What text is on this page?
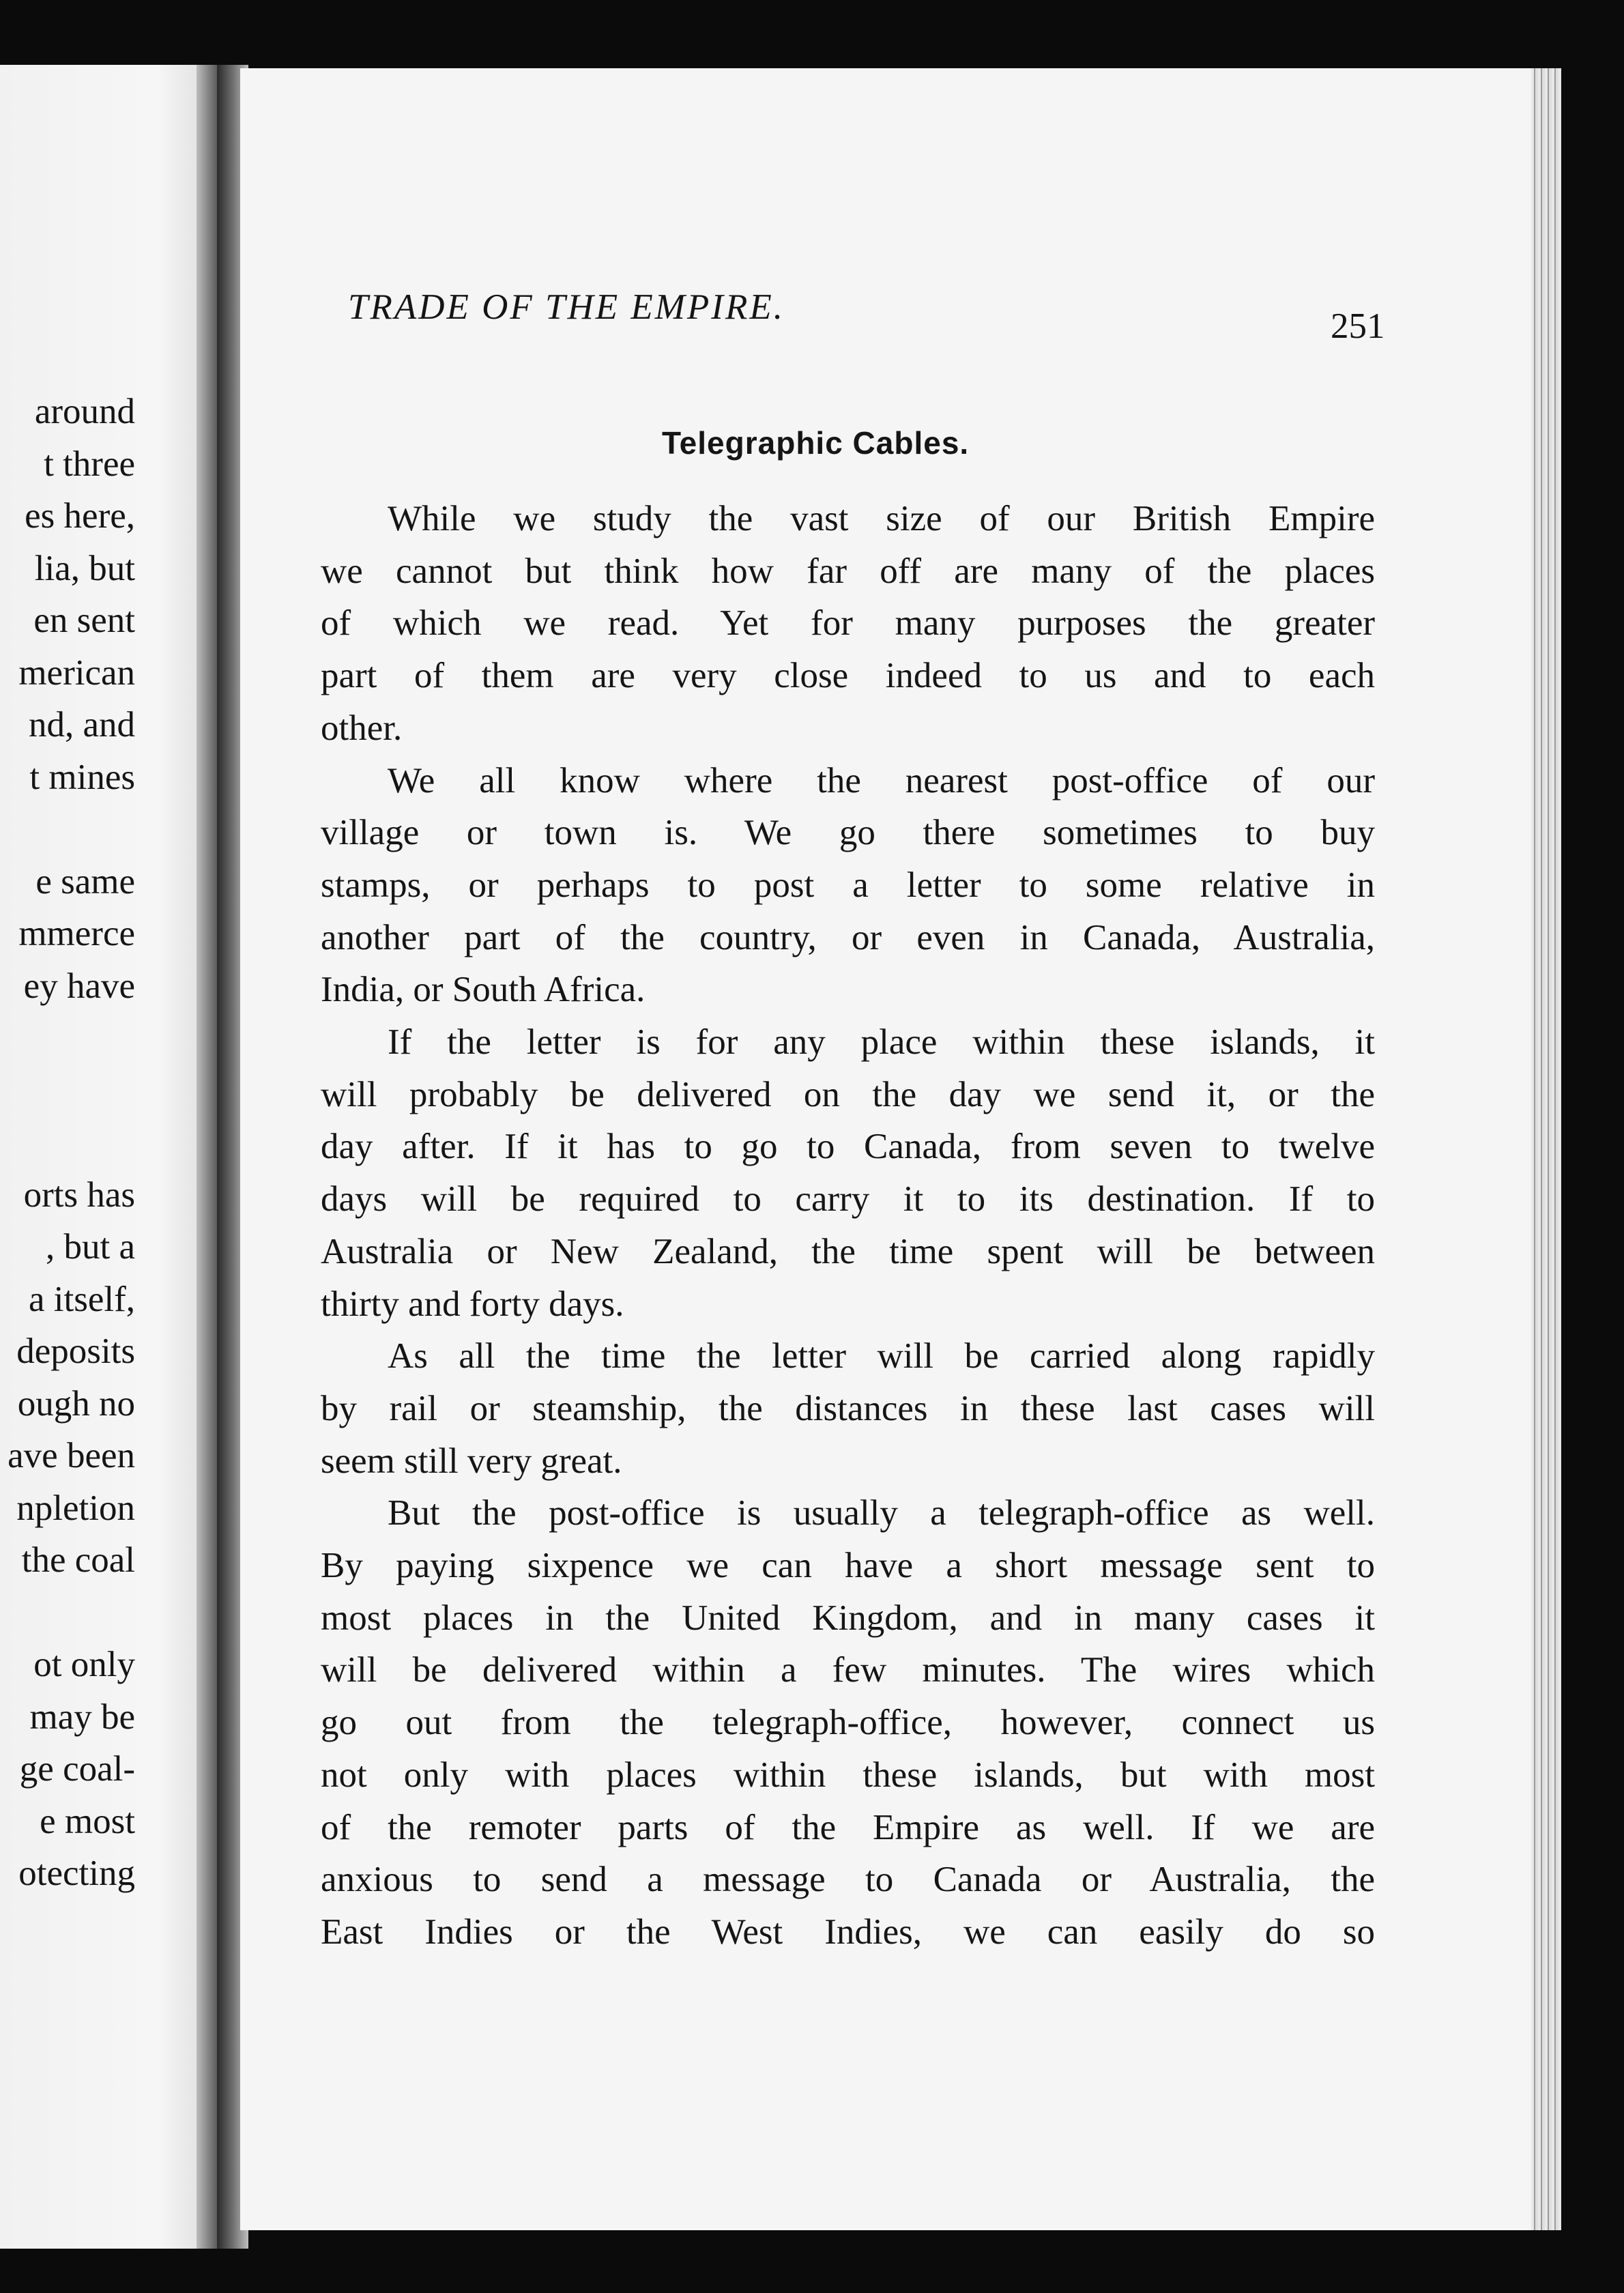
around
t three
es here,
lia, but
en sent
merican
nd, and
t mines
e same
mmerce
ey have
orts has
, but a
a itself,
deposits
ough no
ave been
npletion
the coal
ot only
may be
ge coal-
e most
otecting
TRADE OF THE EMPIRE.	251
Telegraphic Cables.
While we study the vast size of our British Empire
we cannot but think how far off are many of the places
of which we read. Yet for many purposes the greater
part of them are very close indeed to us and to each
other.
We all know where the nearest post-office of our
village or town is. We go there sometimes to buy
stamps, or perhaps to post a letter to some relative in
another part of the country, or even in Canada, Australia,
India, or South Africa.
If the letter is for any place within these islands, it
will probably be delivered on the day we send it, or the
day after. If it has to go to Canada, from seven to twelve
days will be required to carry it to its destination. If to
Australia or New Zealand, the time spent will be between
thirty and forty days.
As all the time the letter will be carried along rapidly
by rail or steamship, the distances in these last cases will
seem still very great.
But the post-office is usually a telegraph-office as well.
By paying sixpence we can have a short message sent to
most places in the United Kingdom, and in many cases it
will be delivered within a few minutes. The wires which
go out from the telegraph-office, however, connect us
not only with places within these islands, but with most
of the remoter parts of the Empire as well. If we are
anxious to send a message to Canada or Australia, the
East Indies or the West Indies, we can easily do so
